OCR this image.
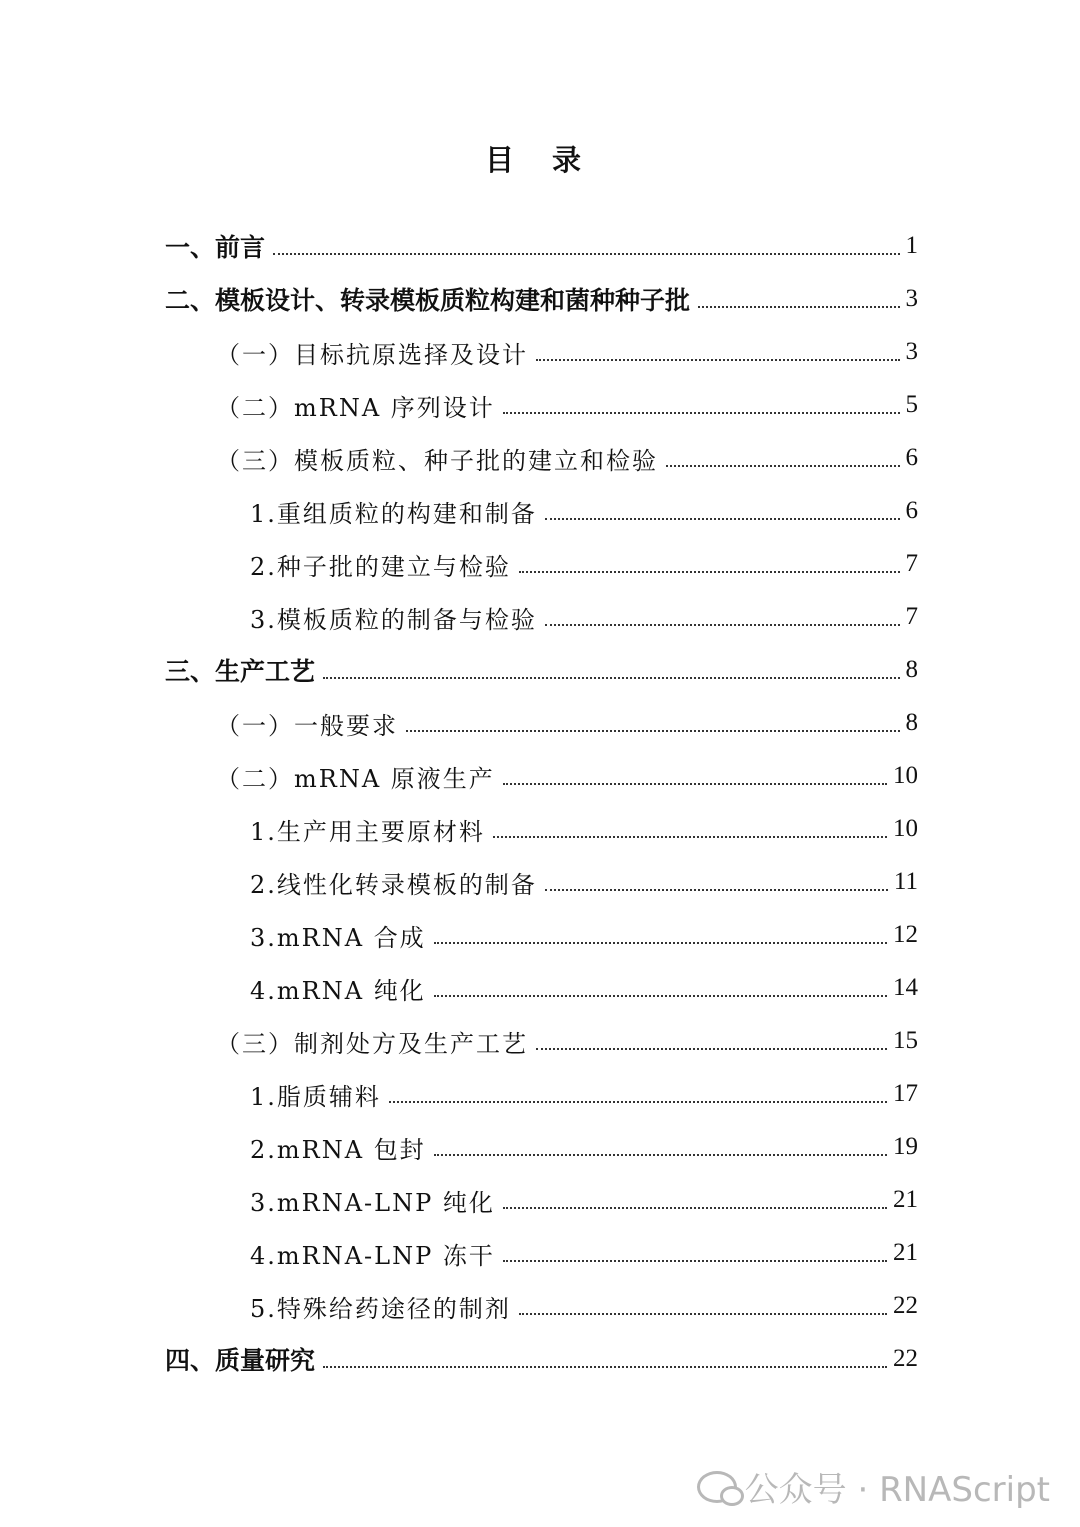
目 录
一、前言	1
二、模板设计、转录模板质粒构建和菌种种子批	3
（一）目标抗原选择及设计	3
（二）mRNA 序列设计	5
（三）模板质粒、种子批的建立和检验	6
1.重组质粒的构建和制备	6
2.种子批的建立与检验	7
3.模板质粒的制备与检验	7
三、生产工艺	8
（一）一般要求	8
（二）mRNA 原液生产	10
1.生产用主要原材料	10
2.线性化转录模板的制备	11
3.mRNA 合成	12
4.mRNA 纯化	14
（三）制剂处方及生产工艺	15
1.脂质辅料	17
2.mRNA 包封	19
3.mRNA-LNP 纯化	21
4.mRNA-LNP 冻干	21
5.特殊给药途径的制剂	22
四、质量研究	22
公众号 · RNAScript
